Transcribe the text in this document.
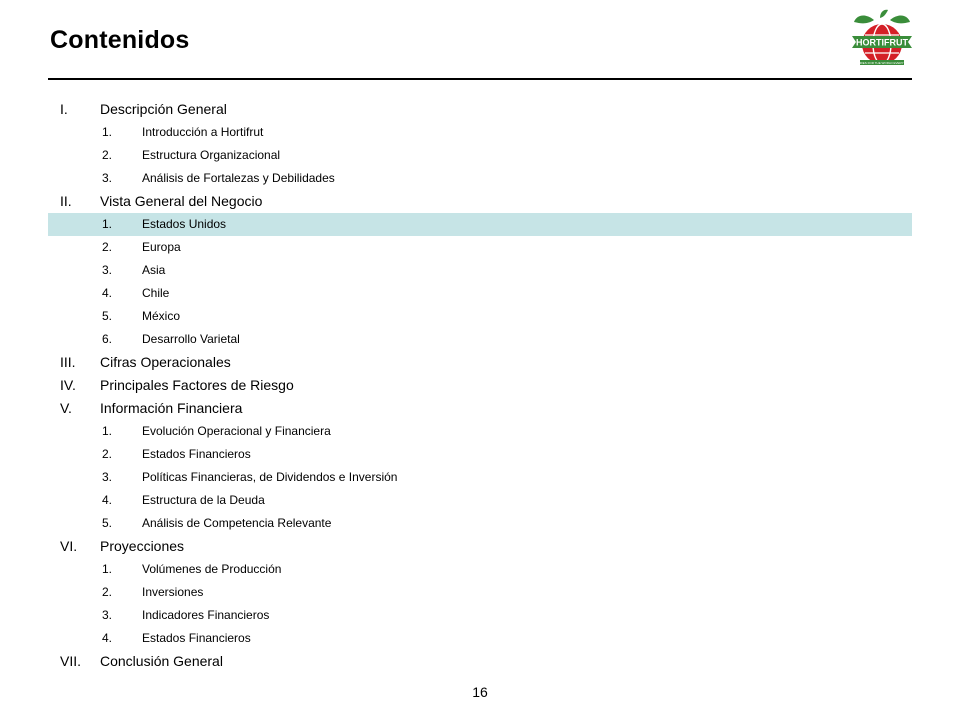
Contenidos	HORTIFRUT
BERRIES FOR THE WORLD EVERY DAY
I. Descripción General
1. Introducción a Hortifrut
2. Estructura Organizacional
3. Análisis de Fortalezas y Debilidades
II. Vista General del Negocio
1. Estados Unidos
2. Europa
3. Asia
4. Chile
5. México
6. Desarrollo Varietal
III. Cifras Operacionales
IV. Principales Factores de Riesgo
V. Información Financiera
1. Evolución Operacional y Financiera
2. Estados Financieros
3. Políticas Financieras, de Dividendos e Inversión
4. Estructura de la Deuda
5. Análisis de Competencia Relevante
VI. Proyecciones
1. Volúmenes de Producción
2. Inversiones
3. Indicadores Financieros
4. Estados Financieros
VII. Conclusión General
16
